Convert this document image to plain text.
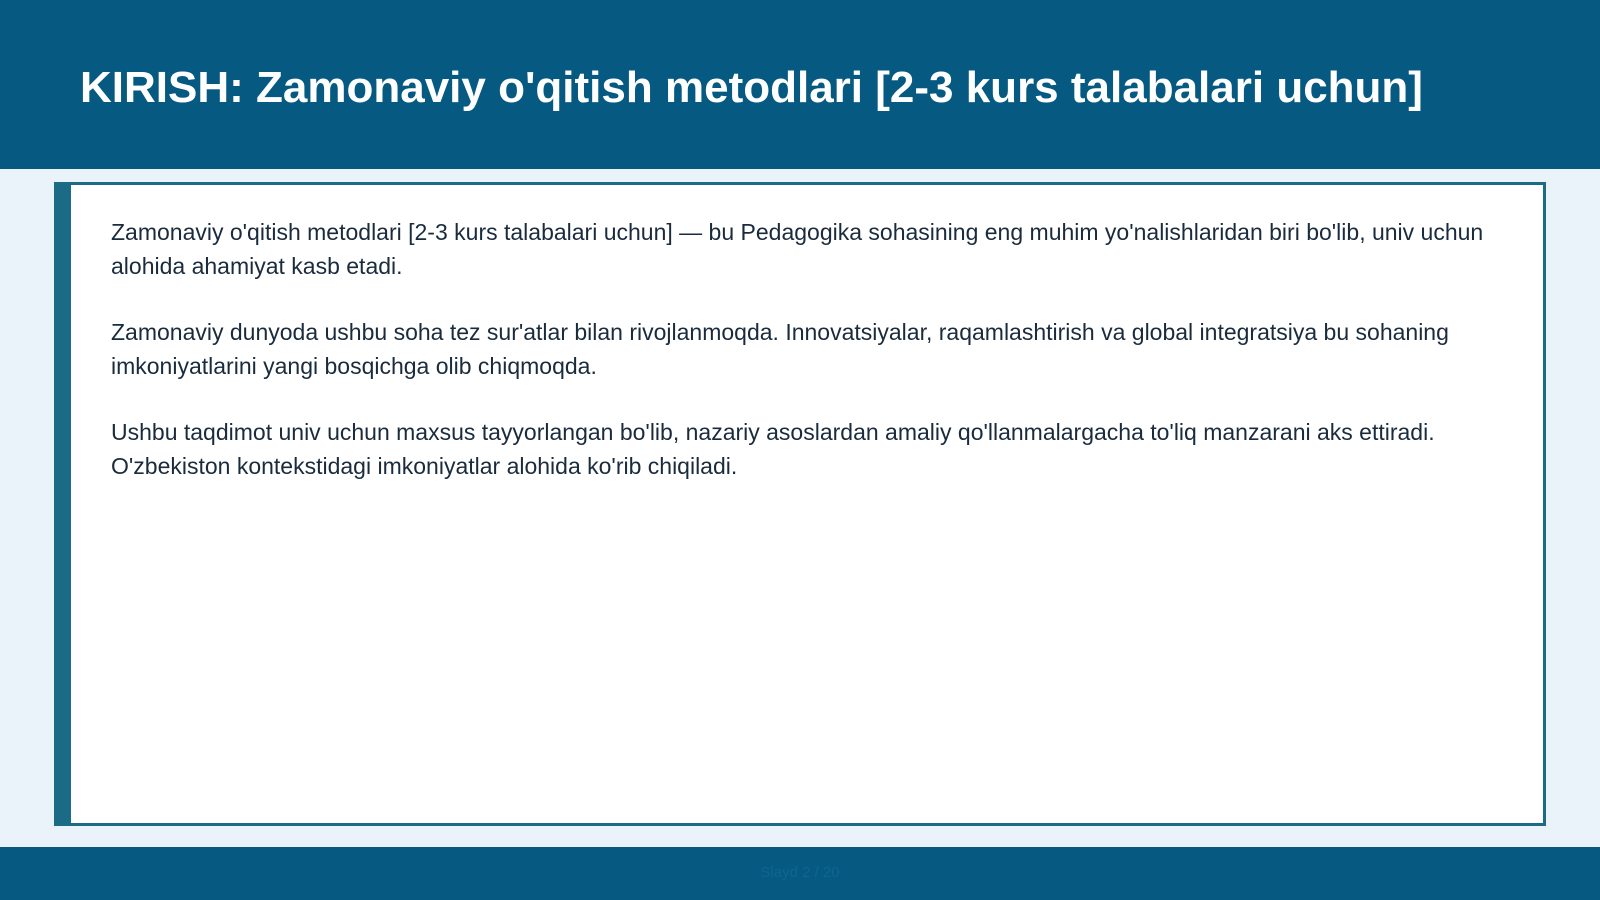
KIRISH: Zamonaviy o'qitish metodlari [2-3 kurs talabalari uchun]

Zamonaviy o'qitish metodlari [2-3 kurs talabalari uchun] — bu Pedagogika sohasining eng muhim yo'nalishlaridan biri bo'lib, univ uchun alohida ahamiyat kasb etadi.

Zamonaviy dunyoda ushbu soha tez sur'atlar bilan rivojlanmoqda. Innovatsiyalar, raqamlashtirish va global integratsiya bu sohaning imkoniyatlarini yangi bosqichga olib chiqmoqda.

Ushbu taqdimot univ uchun maxsus tayyorlangan bo'lib, nazariy asoslardan amaliy qo'llanmalargacha to'liq manzarani aks ettiradi. O'zbekiston kontekstidagi imkoniyatlar alohida ko'rib chiqiladi.

Slayd 2 / 20
